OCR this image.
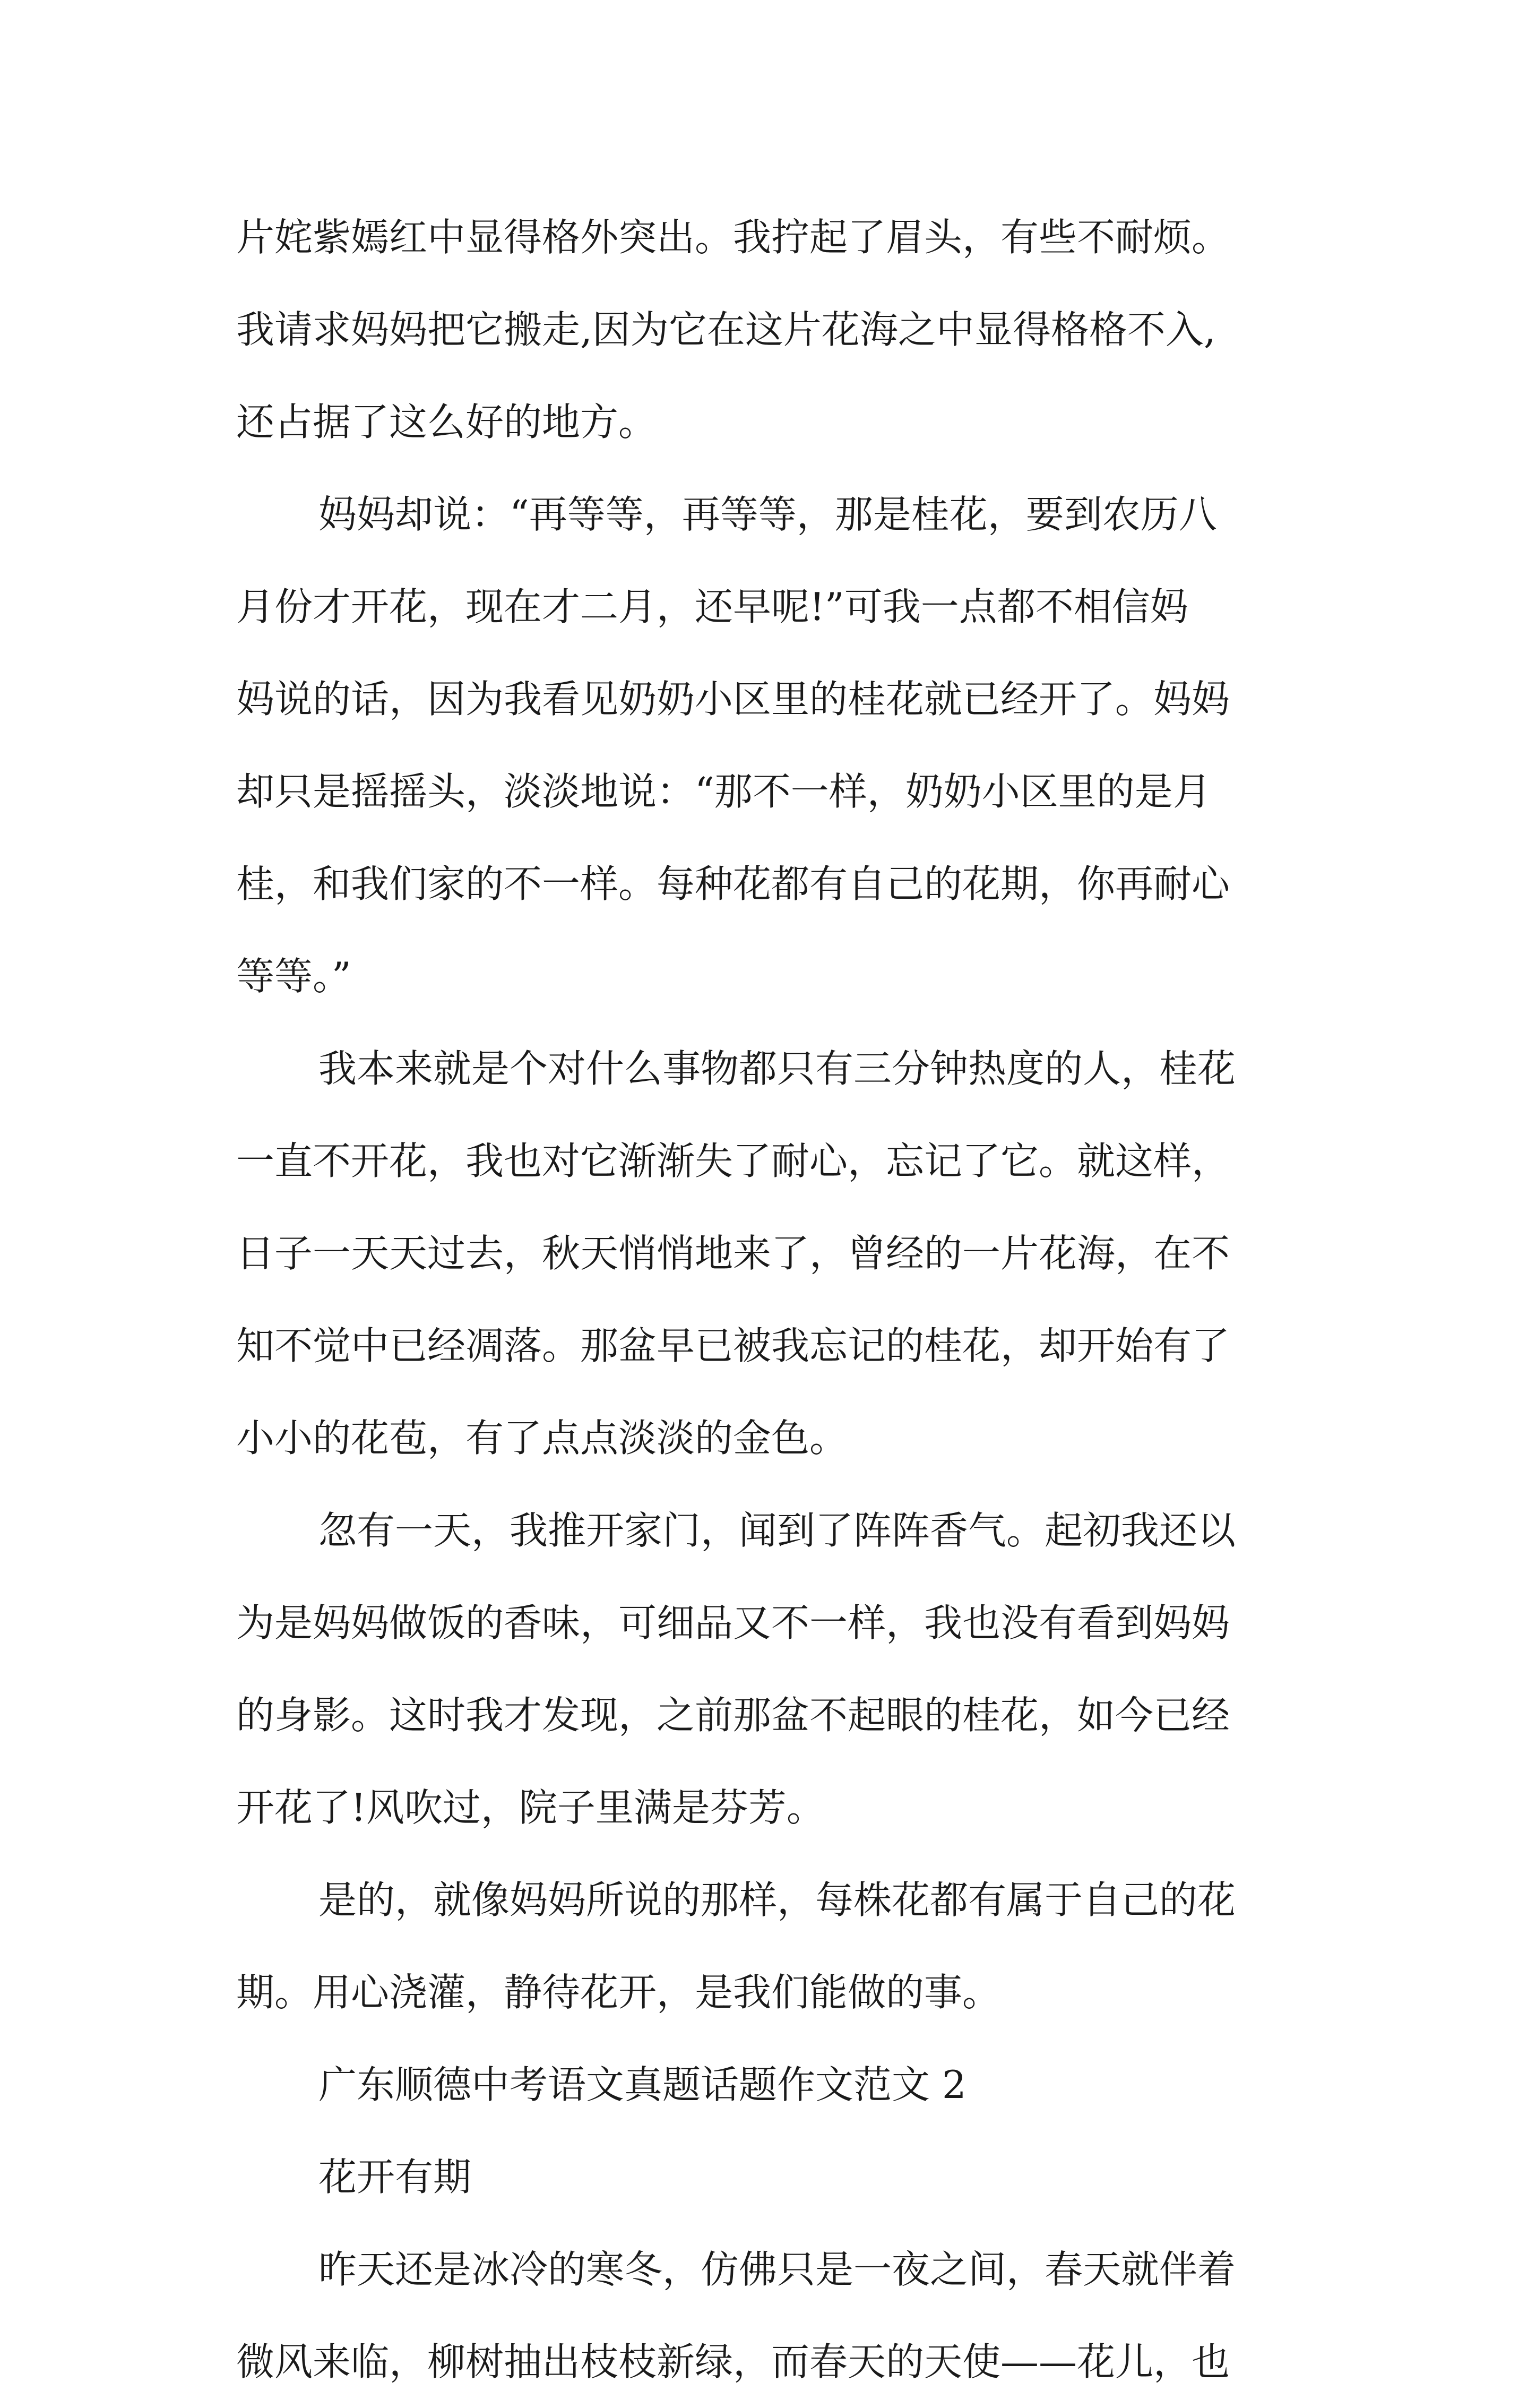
片姹紫嫣红中显得格外突出。我拧起了眉头，有些不耐烦。
我请求妈妈把它搬走,因为它在这片花海之中显得格格不入,
还占据了这么好的地方。
妈妈却说：“再等等，再等等，那是桂花，要到农历八
月份才开花，现在才二月，还早呢!”可我一点都不相信妈
妈说的话，因为我看见奶奶小区里的桂花就已经开了。妈妈
却只是摇摇头，淡淡地说：“那不一样，奶奶小区里的是月
桂，和我们家的不一样。每种花都有自己的花期，你再耐心
等等。”
我本来就是个对什么事物都只有三分钟热度的人，桂花
一直不开花，我也对它渐渐失了耐心，忘记了它。就这样，
日子一天天过去，秋天悄悄地来了，曾经的一片花海，在不
知不觉中已经凋落。那盆早已被我忘记的桂花，却开始有了
小小的花苞，有了点点淡淡的金色。
忽有一天，我推开家门，闻到了阵阵香气。起初我还以
为是妈妈做饭的香味，可细品又不一样，我也没有看到妈妈
的身影。这时我才发现，之前那盆不起眼的桂花，如今已经
开花了!风吹过，院子里满是芬芳。
是的，就像妈妈所说的那样，每株花都有属于自己的花
期。用心浇灌，静待花开，是我们能做的事。
广东顺德中考语文真题话题作文范文 2
花开有期
昨天还是冰冷的寒冬，仿佛只是一夜之间，春天就伴着
微风来临，柳树抽出枝枝新绿，而春天的天使——花儿，也
